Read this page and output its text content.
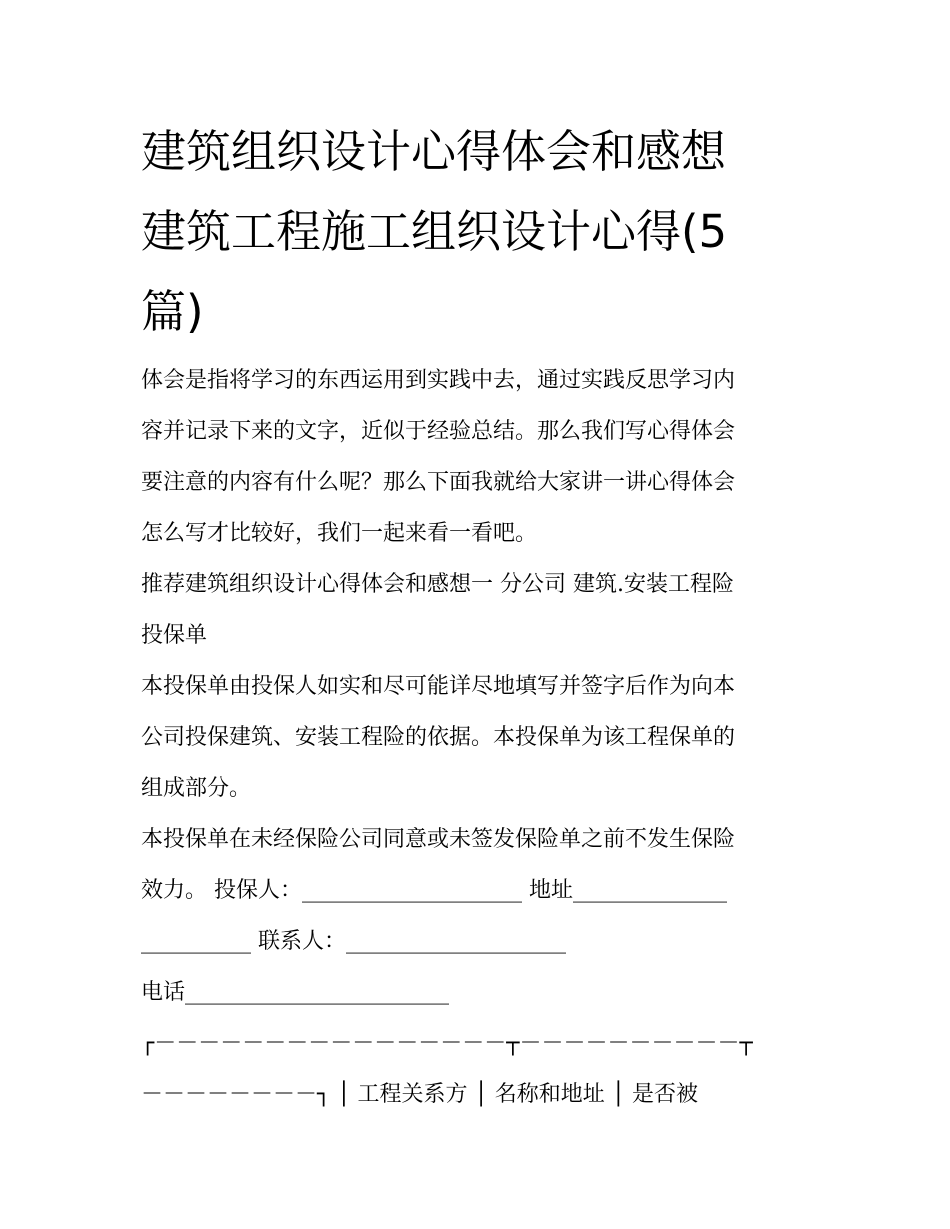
建筑组织设计心得体会和感想
建筑工程施工组织设计心得(5
篇)

体会是指将学习的东西运用到实践中去，通过实践反思学习内
容并记录下来的文字，近似于经验总结。那么我们写心得体会
要注意的内容有什么呢？那么下面我就给大家讲一讲心得体会
怎么写才比较好，我们一起来看一看吧。

推荐建筑组织设计心得体会和感想一 分公司 建筑.安装工程险
投保单

本投保单由投保人如实和尽可能详尽地填写并签字后作为向本
公司投保建筑、安装工程险的依据。本投保单为该工程保单的
组成部分。

本投保单在未经保险公司同意或未签发保险单之前不发生保险
效力。 投保人：____________________ 地址______________
__________ 联系人：____________________
电话________________________

┌－－－－－－－－－－－－－－－－┬－－－－－－－－－－┬
－－－－－－－－┐ │ 工程关系方 │ 名称和地址 │ 是否被
